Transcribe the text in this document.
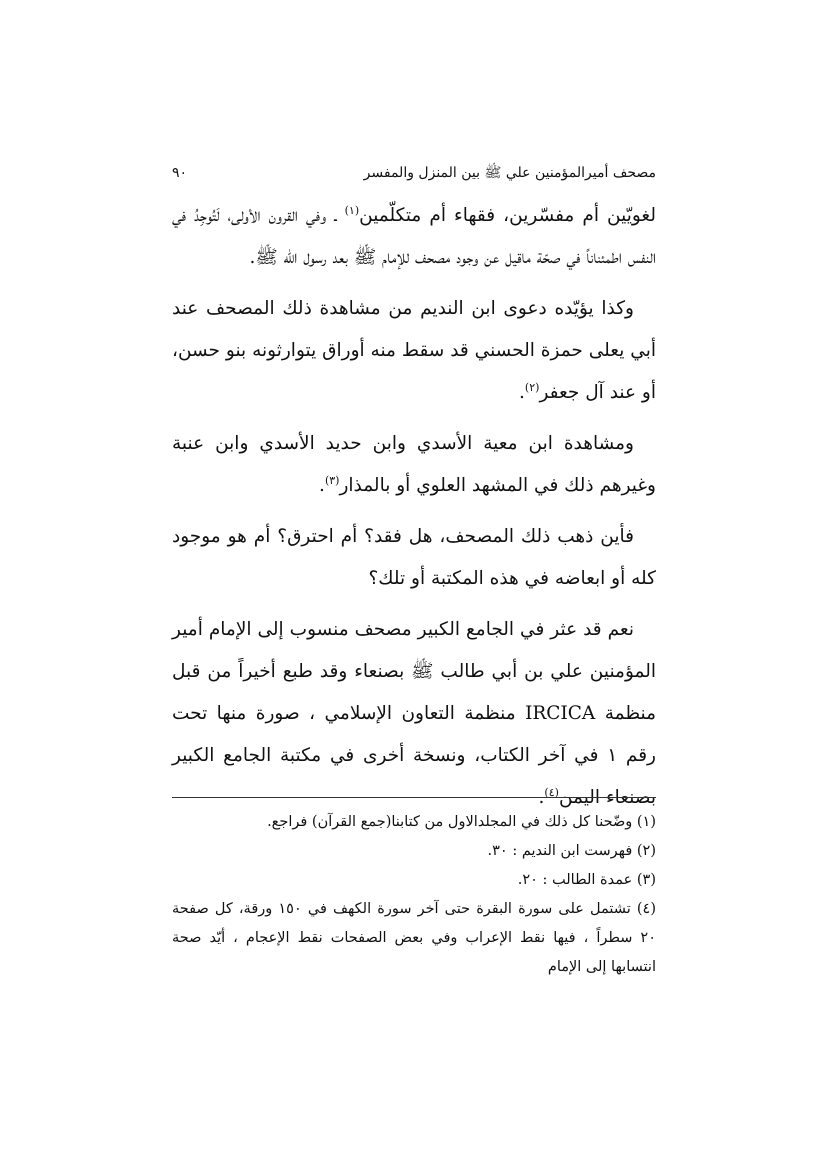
مصحف أميرالمؤمنين علي ﷺ بين المنزل والمفسر
٩٠

لغويّين أم مفسّرين، فقهاء أم متكلّمين$^{(١)}$ ـ وفي القرون الأولى، لَتُوجِدُ في النفس اطمئناناً في صحّة ماقيل عن وجود مصحف للإمام ﷺ بعد رسول الله ﷺ.

وكذا يؤيّده دعوى ابن النديم من مشاهدة ذلك المصحف عند أبي يعلى حمزة الحسني قد سقط منه أوراق يتوارثونه بنو حسن، أو عند آل جعفر$^{(٢)}$.

ومشاهدة ابن معية الأسدي وابن حديد الأسدي وابن عنبة وغيرهم ذلك في المشهد العلوي أو بالمذار$^{(٣)}$.

فأين ذهب ذلك المصحف، هل فقد؟ أم احترق؟ أم هو موجود كله أو ابعاضه في هذه المكتبة أو تلك؟

نعم قد عثر في الجامع الكبير مصحف منسوب إلى الإمام أمير المؤمنين علي بن أبي طالب ﷺ بصنعاء وقد طبع أخيراً من قبل منظمة IRCICA منظمة التعاون الإسلامي ، صورة منها تحت رقم ١ في آخر الكتاب، ونسخة أخرى في مكتبة الجامع الكبير بصنعاء اليمن$^{(٤)}$.

(١) وضّحنا كل ذلك في المجلدالاول من كتابنا(جمع القرآن) فراجع.

(٢) فهرست ابن النديم : ٣٠.

(٣) عمدة الطالب : ٢٠.

(٤) تشتمل على سورة البقرة حتى آخر سورة الكهف في ١٥٠ ورقة، كل صفحة ٢٠ سطراً ، فيها نقط الإعراب وفي بعض الصفحات نقط الإعجام ، أيّد صحة انتسابها إلى الإمام
